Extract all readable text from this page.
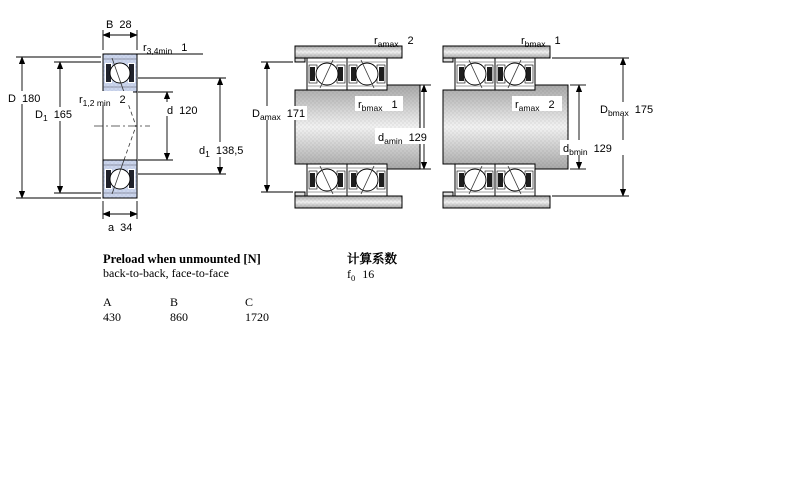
B 28
$r_{3,4min}$ 1
D 180
$D_1$ 165
$r_{1,2 min}$ 2
d 120
$d_1$ 138,5
a 34
$r_{amax}$ 2
$D_{amax}$ 171
$r_{bmax}$ 1
$d_{amin}$ 129
$r_{bmax}$ 1
$r_{amax}$ 2	$D_{bmax}$ 175
$d_{bmin}$ 129
Preload when unmounted [N]
back-to-back, face-to-face
A	B	C
430	860	1720
计算系数
$f_0$ 16
